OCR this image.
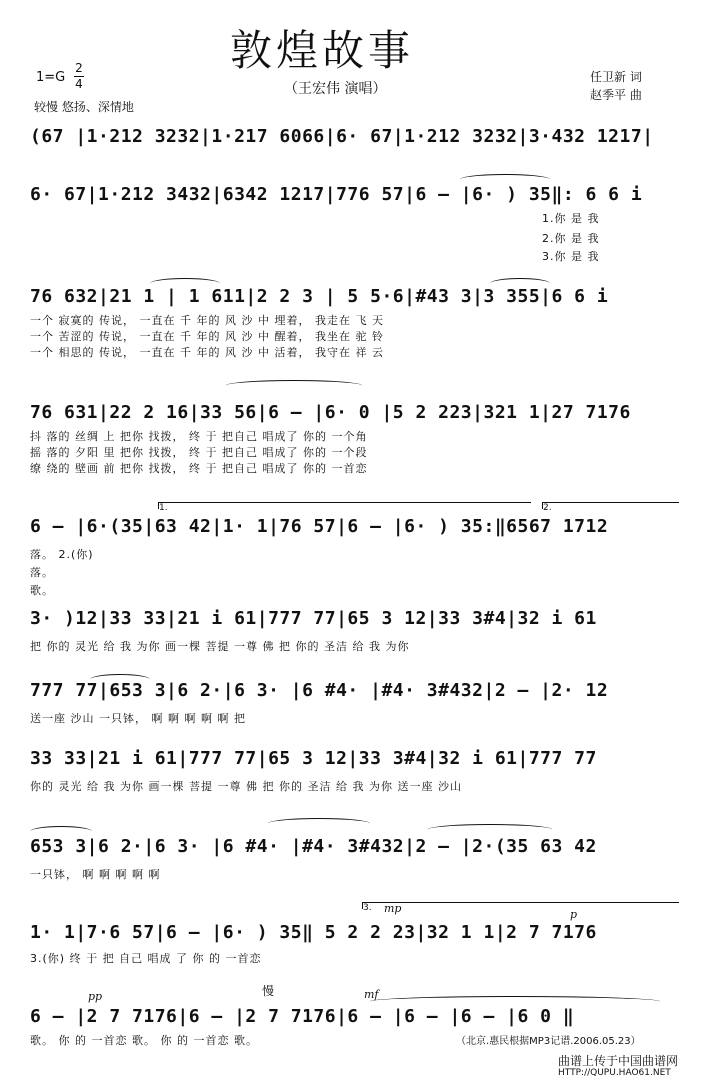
敦煌故事
（王宏伟 演唱）
1=G
2
4
较慢 悠扬、深情地
任卫新 词
赵季平 曲
(67 |1·212 3232|1·217 6066|6· 67|1·212 3232|3·432 1217|
6· 67|1·212 3432|6342 1217|776 57|6 – |6· ) 35‖: 6 6 i
1.你 是 我
2.你 是 我
3.你 是 我
76 632|21 1 | 1 611|2 2 3 | 5 5·6|#43 3|3 355|6 6 i
一个 寂寞的 传说， 一直在 千 年的 风 沙 中 埋着， 我走在 飞 天
一个 苦涩的 传说， 一直在 千 年的 风 沙 中 醒着， 我坐在 驼 铃
一个 相思的 传说， 一直在 千 年的 风 沙 中 活着， 我守在 祥 云
76 631|22 2 16|33 56|6 – |6· 0 |5 2 223|321 1|27 7176
抖 落的 丝绸 上 把你 找拨， 终 于 把自己 唱成了 你的 一个角
摇 落的 夕阳 里 把你 找拨， 终 于 把自己 唱成了 你的 一个段
缭 绕的 壁画 前 把你 找拨， 终 于 把自己 唱成了 你的 一首恋
1.	2.
6 – |6·(35|63 42|1· 1|76 57|6 – |6· ) 35:‖6567 1712
落。 2.(你)
落。
歌。
3· )12|33 33|21 i 61|777 77|65 3 12|33 3#4|32 i 61
把 你的 灵光 给 我 为你 画一棵 菩提 一尊 佛 把 你的 圣洁 给 我 为你
777 77|653 3|6 2·|6 3· |6 #4· |#4· 3#432|2 – |2· 12
送一座 沙山 一只钵， 啊 啊 啊 啊 啊 把
33 33|21 i 61|777 77|65 3 12|33 3#4|32 i 61|777 77
你的 灵光 给 我 为你 画一棵 菩提 一尊 佛 把 你的 圣洁 给 我 为你 送一座 沙山
653 3|6 2·|6 3· |6 #4· |#4· 3#432|2 – |2·(35 63 42
一只钵， 啊 啊 啊 啊 啊
3.	mp	p
1· 1|7·6 57|6 – |6· ) 35‖ 5 2 2 23|32 1 1|2 7 7176
3.(你) 终 于 把 自己 唱成 了 你 的 一首恋
pp	慢	mf
6 – |2 7 7176|6 – |2 7 7176|6 – |6 – |6 – |6 0 ‖
歌。 你 的 一首恋 歌。 你 的 一首恋 歌。	（北京.惠民根据MP3记谱.2006.05.23）
曲谱上传于中国曲谱网
HTTP://QUPU.HAO61.NET
